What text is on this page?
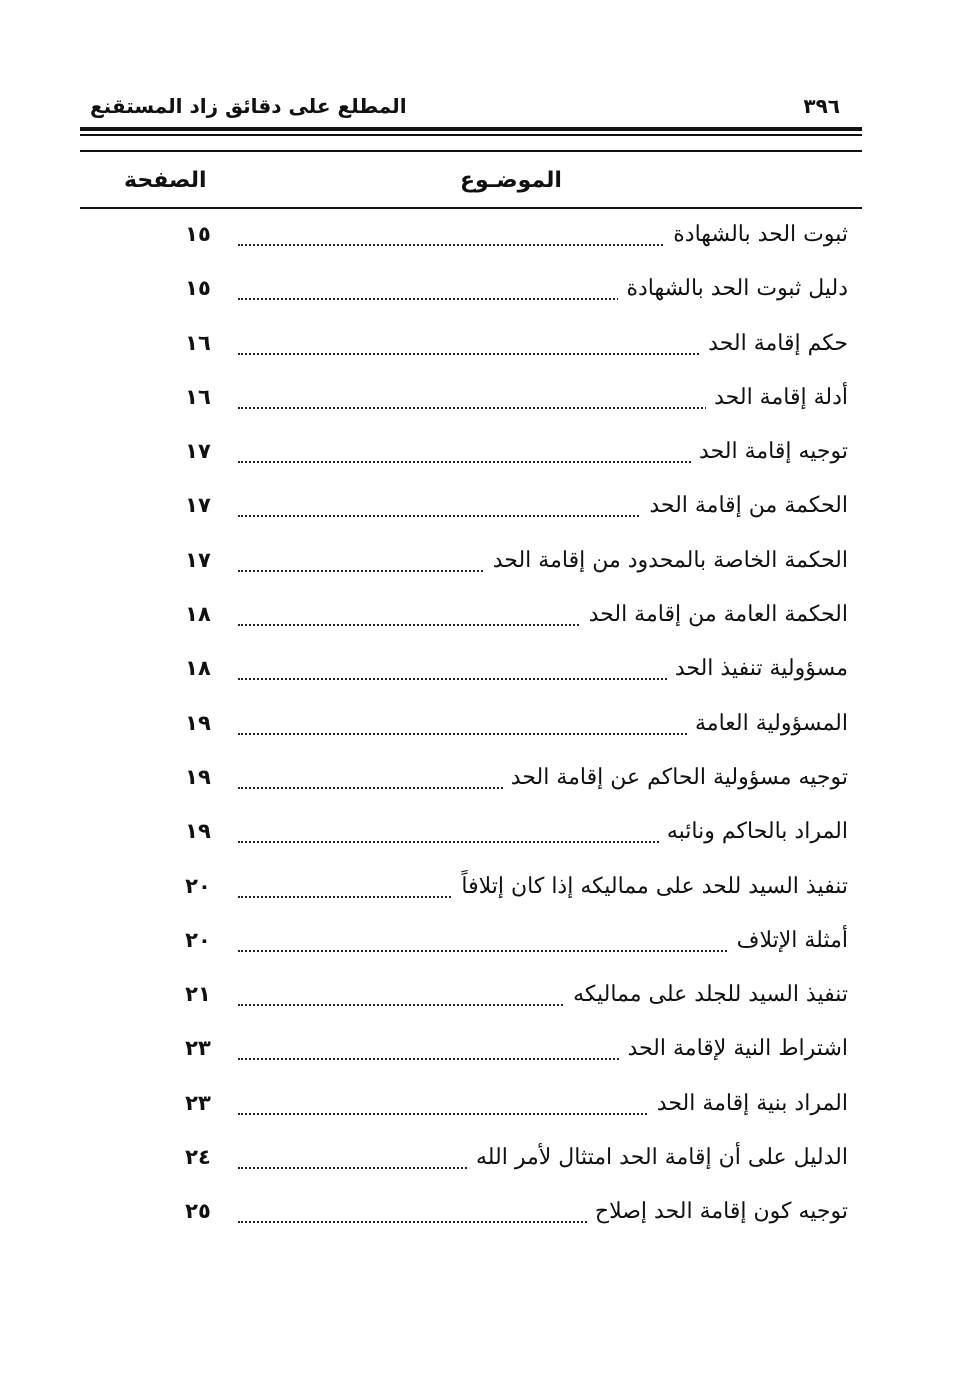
المطلع على دقائق زاد المستقنع	٣٩٦
الموضـوع
الصفحة
ثبوت الحد بالشهادة
١٥
دليل ثبوت الحد بالشهادة
١٥
حكم إقامة الحد
١٦
أدلة إقامة الحد
١٦
توجيه إقامة الحد
١٧
الحكمة من إقامة الحد
١٧
الحكمة الخاصة بالمحدود من إقامة الحد
١٧
الحكمة العامة من إقامة الحد
١٨
مسؤولية تنفيذ الحد
١٨
المسؤولية العامة
١٩
توجيه مسؤولية الحاكم عن إقامة الحد
١٩
المراد بالحاكم ونائبه
١٩
تنفيذ السيد للحد على مماليكه إذا كان إتلافاً
٢٠
أمثلة الإتلاف
٢٠
تنفيذ السيد للجلد على مماليكه
٢١
اشتراط النية لإقامة الحد
٢٣
المراد بنية إقامة الحد
٢٣
الدليل على أن إقامة الحد امتثال لأمر الله
٢٤
توجيه كون إقامة الحد إصلاح
٢٥
